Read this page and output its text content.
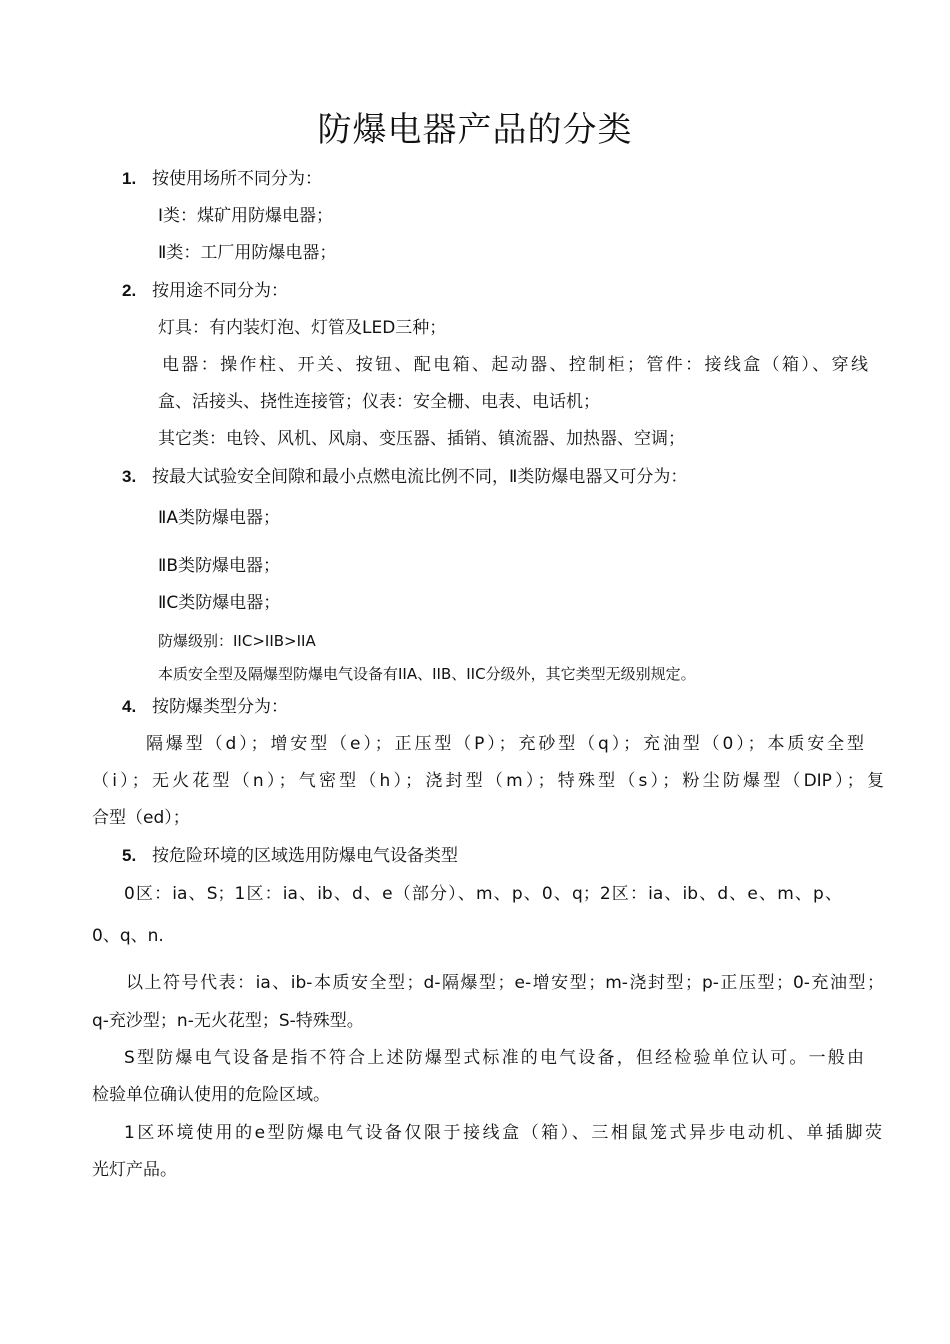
防爆电器产品的分类
1. 按使用场所不同分为：
Ⅰ类：煤矿用防爆电器；
Ⅱ类：工厂用防爆电器；
2. 按用途不同分为：
灯具：有内装灯泡、灯管及LED三种；
电器：操作柱、开关、按钮、配电箱、起动器、控制柜；管件：接线盒（箱）、穿线
盒、活接头、挠性连接管；仪表：安全栅、电表、电话机；
其它类：电铃、风机、风扇、变压器、插销、镇流器、加热器、空调；
3. 按最大试验安全间隙和最小点燃电流比例不同，Ⅱ类防爆电器又可分为：
ⅡA类防爆电器；
ⅡB类防爆电器；
ⅡC类防爆电器；
防爆级别：IIC>IIB>IIA
本质安全型及隔爆型防爆电气设备有IIA、IIB、IIC分级外，其它类型无级别规定。
4. 按防爆类型分为：
隔爆型（d）；增安型（e）；正压型（P）；充砂型（q）；充油型（0）；本质安全型
（i）；无火花型（n）；气密型（h）；浇封型（m）；特殊型（s）；粉尘防爆型（DIP）；复
合型（ed）；
5. 按危险环境的区域选用防爆电气设备类型
0区：ia、S；1区：ia、ib、d、e（部分）、m、p、0、q；2区：ia、ib、d、e、m、p、
0、q、n.
以上符号代表：ia、ib-本质安全型；d-隔爆型；e-增安型；m-浇封型；p-正压型；0-充油型；
q-充沙型；n-无火花型；S-特殊型。
S型防爆电气设备是指不符合上述防爆型式标准的电气设备，但经检验单位认可。一般由
检验单位确认使用的危险区域。
1区环境使用的e型防爆电气设备仅限于接线盒（箱）、三相鼠笼式异步电动机、单插脚荧
光灯产品。
